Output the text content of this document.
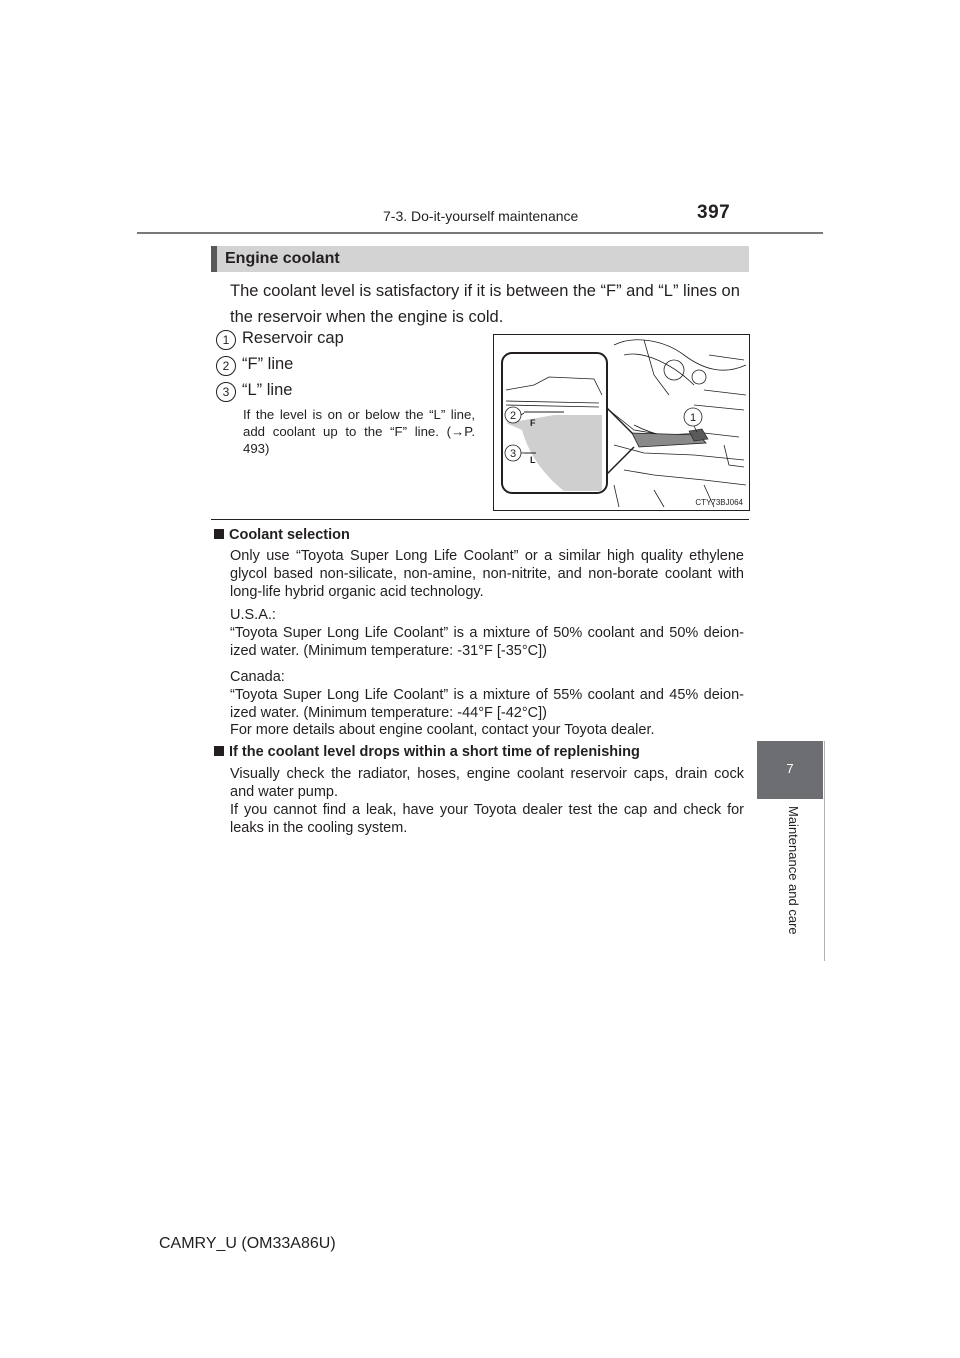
7-3. Do-it-yourself maintenance	397
7
Maintenance and care
Engine coolant
The coolant level is satisfactory if it is between the “F” and “L” lines on the reservoir when the engine is cold.
1 Reservoir cap
2 “F” line
3 “L” line
If the level is on or below the “L” line, add coolant up to the “F” line. (→P. 493)
F
L
2
3
1
CTY73BJ064
Coolant selection
Only use “Toyota Super Long Life Coolant” or a similar high quality ethylene glycol based non-silicate, non-amine, non-nitrite, and non-borate coolant with long-life hybrid organic acid technology.
U.S.A.:
“Toyota Super Long Life Coolant” is a mixture of 50% coolant and 50% deion-ized water. (Minimum temperature: -31°F [-35°C])
Canada:
“Toyota Super Long Life Coolant” is a mixture of 55% coolant and 45% deion-ized water. (Minimum temperature: -44°F [-42°C])
For more details about engine coolant, contact your Toyota dealer.
If the coolant level drops within a short time of replenishing
Visually check the radiator, hoses, engine coolant reservoir caps, drain cock and water pump.
If you cannot find a leak, have your Toyota dealer test the cap and check for leaks in the cooling system.
CAMRY_U (OM33A86U)
